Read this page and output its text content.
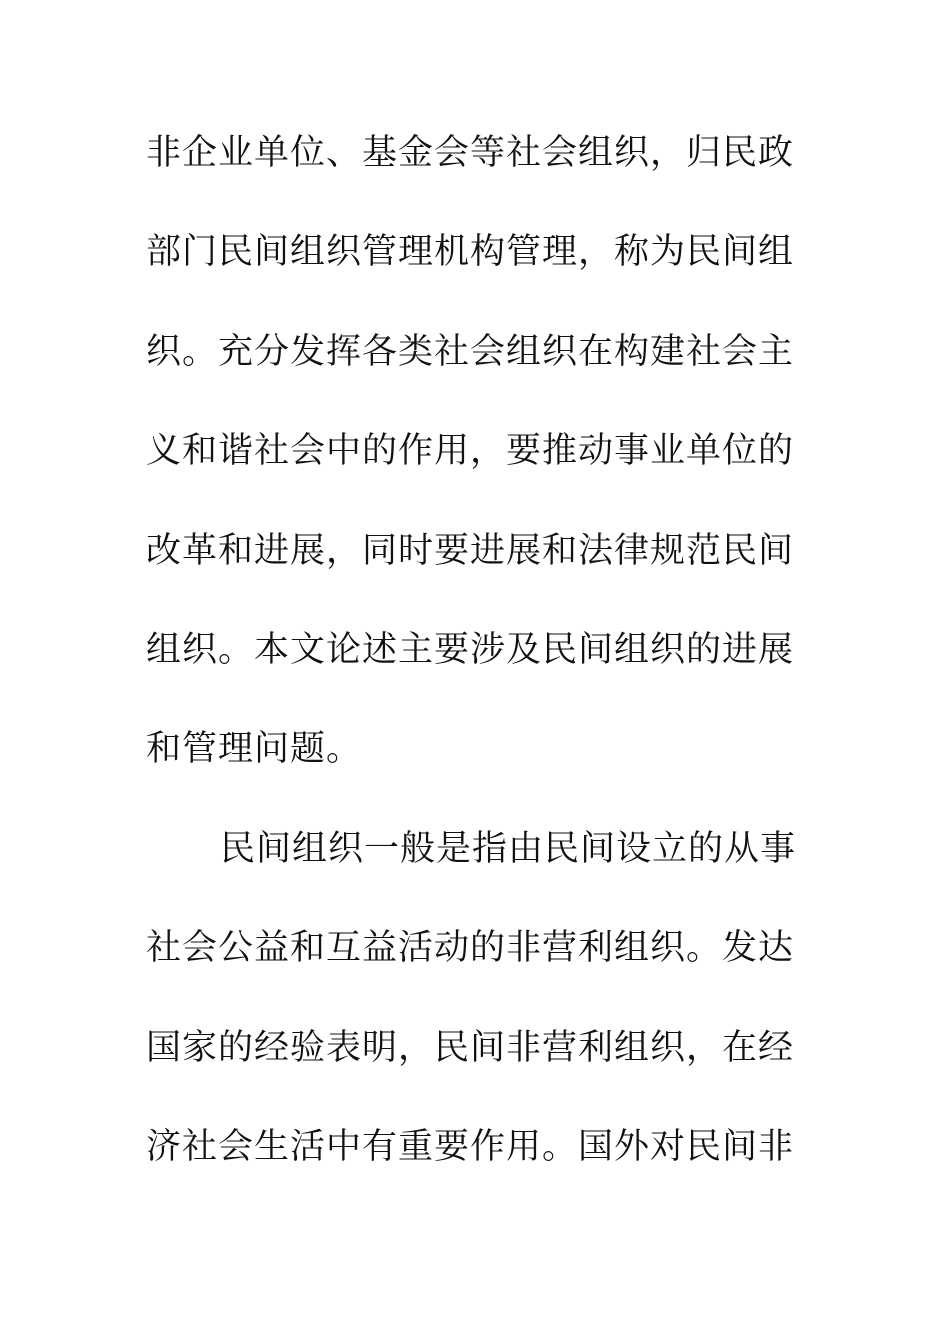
非企业单位、基金会等社会组织，归民政
部门民间组织管理机构管理，称为民间组
织。充分发挥各类社会组织在构建社会主
义和谐社会中的作用，要推动事业单位的
改革和进展，同时要进展和法律规范民间
组织。本文论述主要涉及民间组织的进展
和管理问题。
民间组织一般是指由民间设立的从事
社会公益和互益活动的非营利组织。发达
国家的经验表明，民间非营利组织，在经
济社会生活中有重要作用。国外对民间非
